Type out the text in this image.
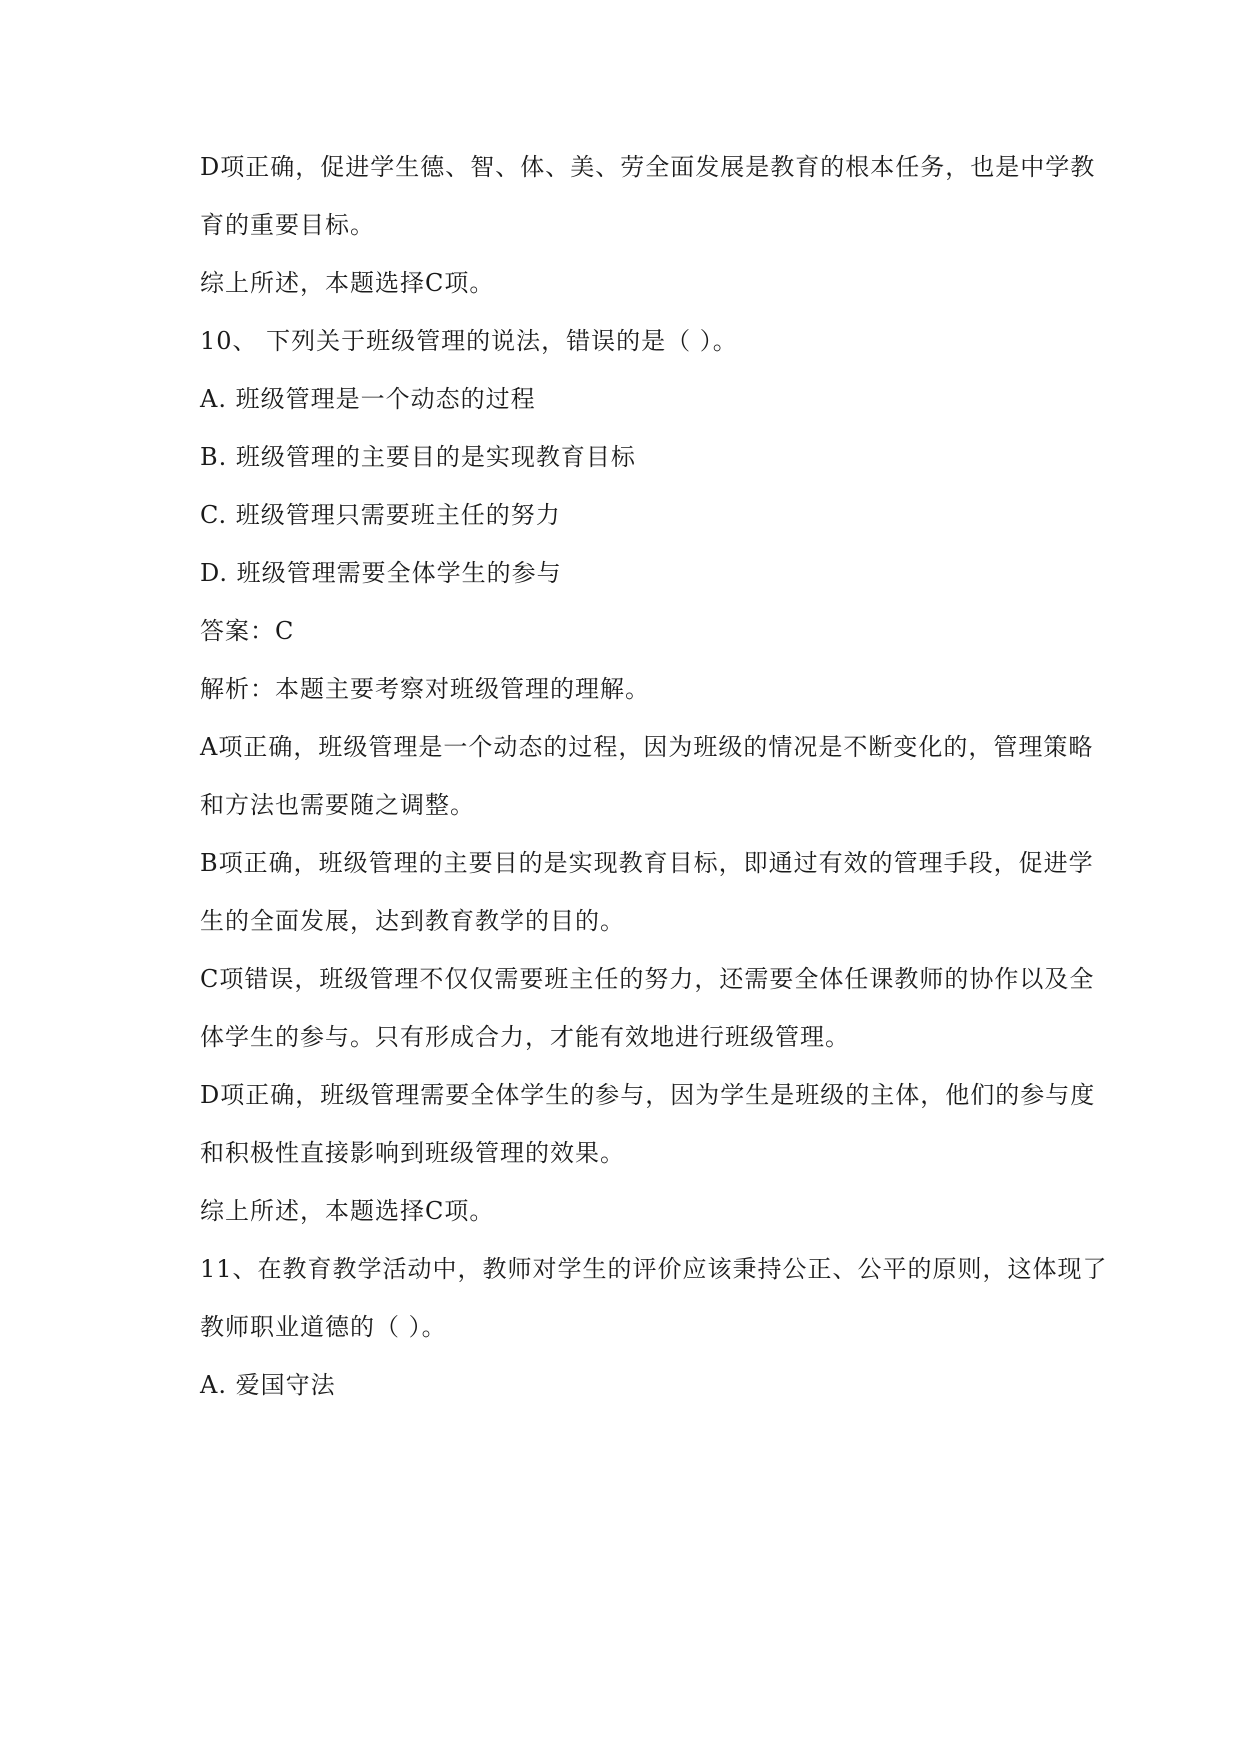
D项正确，促进学生德、智、体、美、劳全面发展是教育的根本任务，也是中学教
育的重要目标。
综上所述，本题选择C项。
10、 下列关于班级管理的说法，错误的是（ ）。
A. 班级管理是一个动态的过程
B. 班级管理的主要目的是实现教育目标
C. 班级管理只需要班主任的努力
D. 班级管理需要全体学生的参与
答案：C
解析：本题主要考察对班级管理的理解。
A项正确，班级管理是一个动态的过程，因为班级的情况是不断变化的，管理策略
和方法也需要随之调整。
B项正确，班级管理的主要目的是实现教育目标，即通过有效的管理手段，促进学
生的全面发展，达到教育教学的目的。
C项错误，班级管理不仅仅需要班主任的努力，还需要全体任课教师的协作以及全
体学生的参与。只有形成合力，才能有效地进行班级管理。
D项正确，班级管理需要全体学生的参与，因为学生是班级的主体，他们的参与度
和积极性直接影响到班级管理的效果。
综上所述，本题选择C项。
11、在教育教学活动中，教师对学生的评价应该秉持公正、公平的原则，这体现了
教师职业道德的（ ）。
A. 爱国守法
